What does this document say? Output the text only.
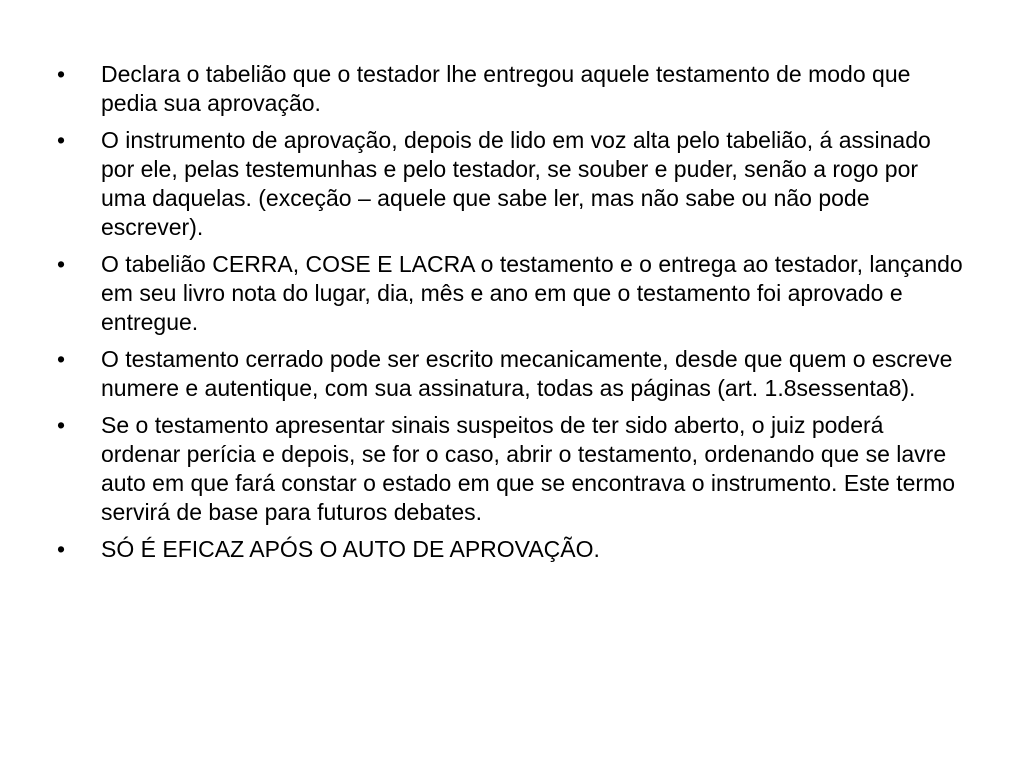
•	Declara o tabelião que o testador lhe entregou aquele testamento de modo que pedia sua aprovação.
•	O instrumento de aprovação, depois de lido em voz alta pelo tabelião, á assinado por ele, pelas testemunhas e pelo testador, se souber e puder, senão a rogo por uma daquelas. (exceção – aquele que sabe ler, mas não sabe ou não pode escrever).
•	O tabelião CERRA, COSE E LACRA o testamento e o entrega ao testador, lançando em seu livro nota do lugar, dia, mês e ano em que o testamento foi aprovado e entregue.
•	O testamento cerrado pode ser escrito mecanicamente, desde que quem o escreve numere e autentique, com sua assinatura, todas as páginas (art. 1.8sessenta8).
•	Se o testamento apresentar sinais suspeitos de ter sido aberto, o juiz poderá ordenar perícia e depois, se for o caso, abrir o testamento, ordenando que se lavre auto em que fará constar o estado em que se encontrava o instrumento. Este termo servirá de base para futuros debates.
•	SÓ É EFICAZ APÓS O AUTO DE APROVAÇÃO.
